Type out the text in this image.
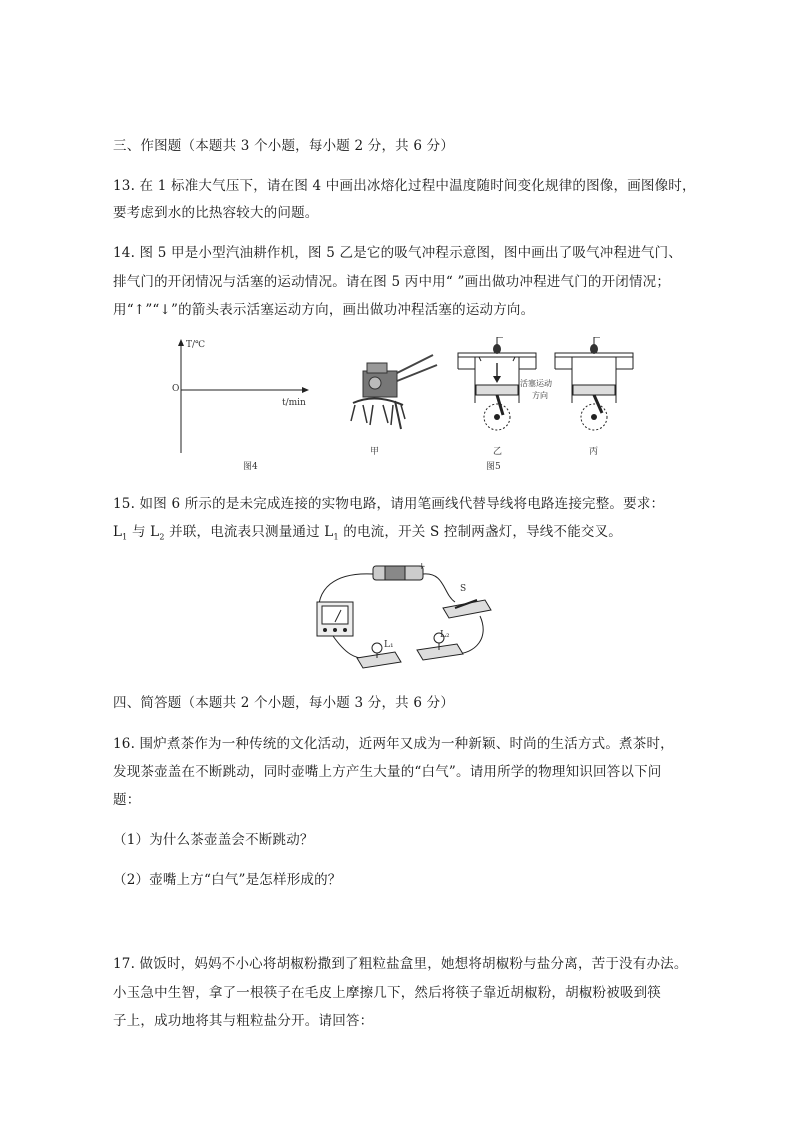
三、作图题（本题共 3 个小题，每小题 2 分，共 6 分）
13. 在 1 标准大气压下，请在图 4 中画出冰熔化过程中温度随时间变化规律的图像，画图像时，
要考虑到水的比热容较大的问题。
14. 图 5 甲是小型汽油耕作机，图 5 乙是它的吸气冲程示意图，图中画出了吸气冲程进气门、
排气门的开闭情况与活塞的运动情况。请在图 5 丙中用“ ”画出做功冲程进气门的开闭情况；
用“↑”“↓”的箭头表示活塞运动方向，画出做功冲程活塞的运动方向。
T/℃
O
t/min
图4
甲
活塞运动
方向
乙	丙
图5
15. 如图 6 所示的是未完成连接的实物电路，请用笔画线代替导线将电路连接完整。要求：
$L_1$ 与 $L_2$ 并联，电流表只测量通过 $L_1$ 的电流，开关 S 控制两盏灯，导线不能交叉。
+
S
L₁
L₂
四、简答题（本题共 2 个小题，每小题 3 分，共 6 分）
16. 围炉煮茶作为一种传统的文化活动，近两年又成为一种新颖、时尚的生活方式。煮茶时，
发现茶壶盖在不断跳动，同时壶嘴上方产生大量的“白气”。请用所学的物理知识回答以下问
题：
（1）为什么茶壶盖会不断跳动？
（2）壶嘴上方“白气”是怎样形成的？
17. 做饭时，妈妈不小心将胡椒粉撒到了粗粒盐盒里，她想将胡椒粉与盐分离，苦于没有办法。
小玉急中生智，拿了一根筷子在毛皮上摩擦几下，然后将筷子靠近胡椒粉，胡椒粉被吸到筷
子上，成功地将其与粗粒盐分开。请回答：
